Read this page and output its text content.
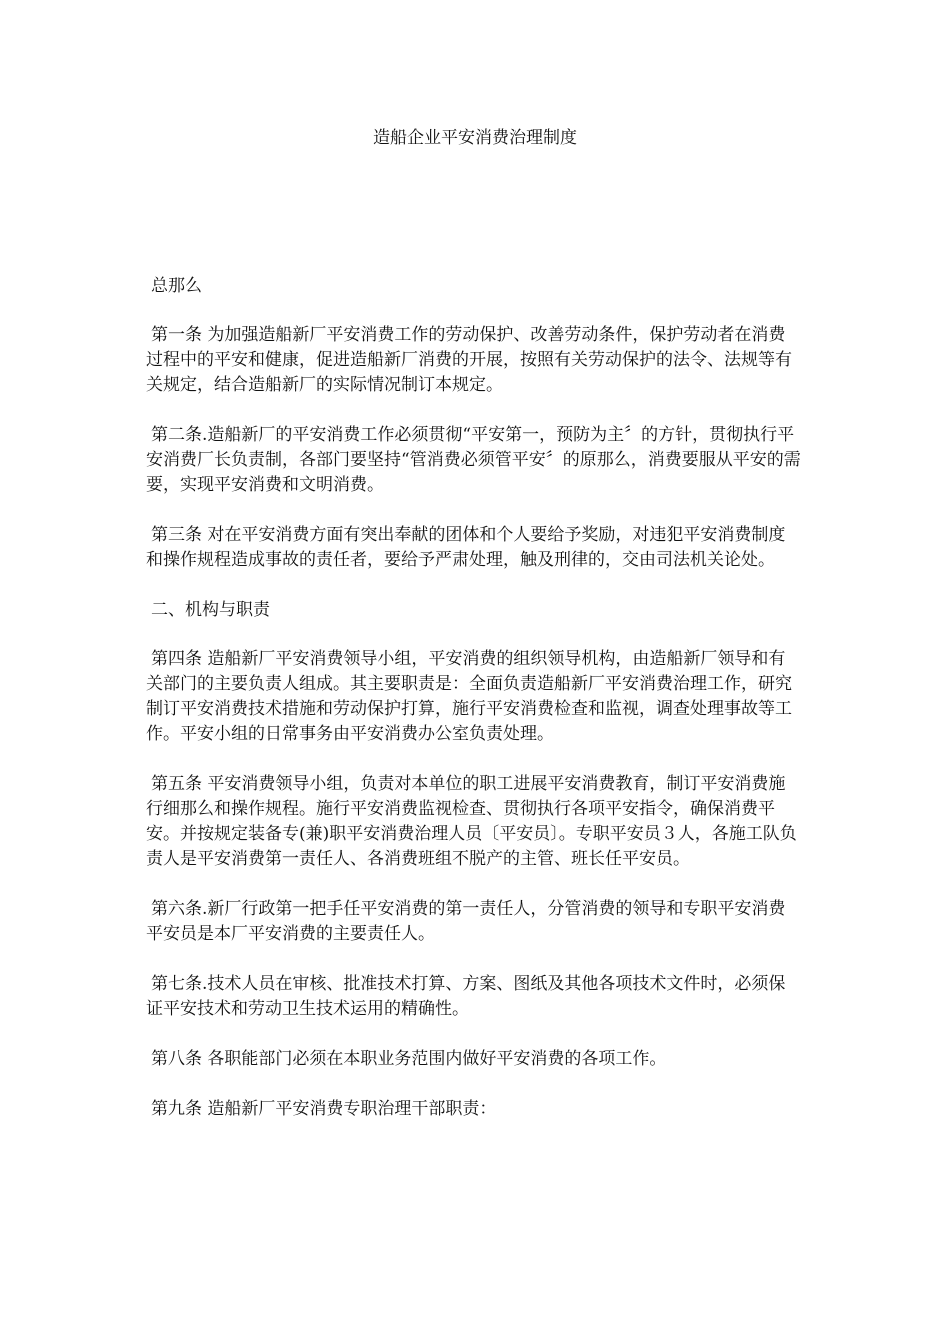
造船企业平安消费治理制度

总那么

第一条 为加强造船新厂平安消费工作的劳动保护、改善劳动条件，保护劳动者在消费过程中的平安和健康，促进造船新厂消费的开展，按照有关劳动保护的法令、法规等有关规定，结合造船新厂的实际情况制订本规定。

第二条.造船新厂的平安消费工作必须贯彻“平安第一，预防为主〞的方针，贯彻执行平安消费厂长负责制，各部门要坚持“管消费必须管平安〞的原那么，消费要服从平安的需要，实现平安消费和文明消费。

第三条 对在平安消费方面有突出奉献的团体和个人要给予奖励，对违犯平安消费制度和操作规程造成事故的责任者，要给予严肃处理，触及刑律的，交由司法机关论处。

二、机构与职责

第四条 造船新厂平安消费领导小组，平安消费的组织领导机构，由造船新厂领导和有关部门的主要负责人组成。其主要职责是：全面负责造船新厂平安消费治理工作，研究制订平安消费技术措施和劳动保护打算，施行平安消费检查和监视，调查处理事故等工作。平安小组的日常事务由平安消费办公室负责处理。

第五条 平安消费领导小组，负责对本单位的职工进展平安消费教育，制订平安消费施行细那么和操作规程。施行平安消费监视检查、贯彻执行各项平安指令，确保消费平安。并按规定装备专(兼)职平安消费治理人员〔平安员〕。专职平安员３人，各施工队负责人是平安消费第一责任人、各消费班组不脱产的主管、班长任平安员。

第六条.新厂行政第一把手任平安消费的第一责任人，分管消费的领导和专职平安消费平安员是本厂平安消费的主要责任人。

第七条.技术人员在审核、批准技术打算、方案、图纸及其他各项技术文件时，必须保证平安技术和劳动卫生技术运用的精确性。

第八条 各职能部门必须在本职业务范围内做好平安消费的各项工作。

第九条 造船新厂平安消费专职治理干部职责：
